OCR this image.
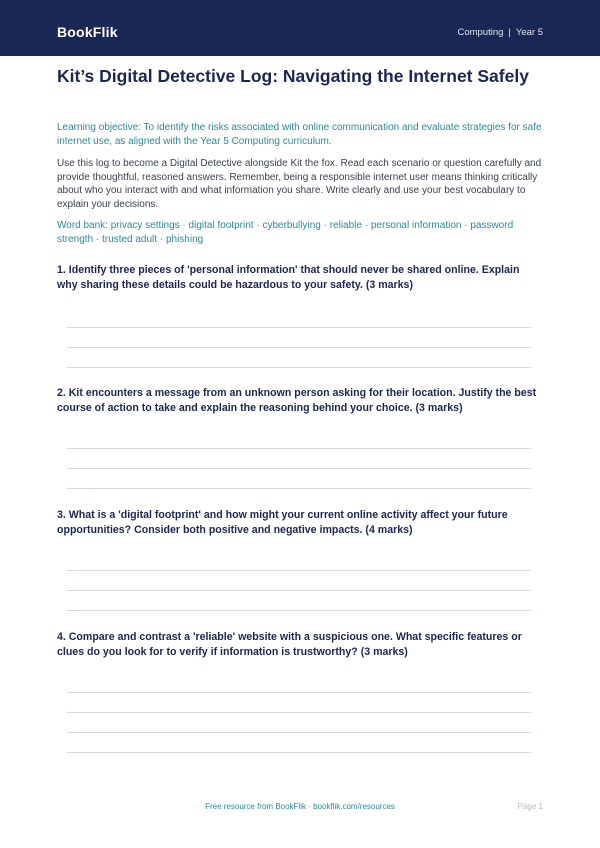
BookFlik	Computing | Year 5
Kit’s Digital Detective Log: Navigating the Internet Safely

Learning objective: To identify the risks associated with online communication and evaluate strategies for safe internet use, as aligned with the Year 5 Computing curriculum.

Use this log to become a Digital Detective alongside Kit the fox. Read each scenario or question carefully and provide thoughtful, reasoned answers. Remember, being a responsible internet user means thinking critically about who you interact with and what information you share. Write clearly and use your best vocabulary to explain your decisions.

Word bank: privacy settings · digital footprint · cyberbullying · reliable · personal information · password strength · trusted adult · phishing

1. Identify three pieces of 'personal information' that should never be shared online. Explain why sharing these details could be hazardous to your safety. (3 marks)

2. Kit encounters a message from an unknown person asking for their location. Justify the best course of action to take and explain the reasoning behind your choice. (3 marks)

3. What is a 'digital footprint' and how might your current online activity affect your future opportunities? Consider both positive and negative impacts. (4 marks)

4. Compare and contrast a 'reliable' website with a suspicious one. What specific features or clues do you look for to verify if information is trustworthy? (3 marks)

Free resource from BookFlik · bookflik.com/resources	Page 1
